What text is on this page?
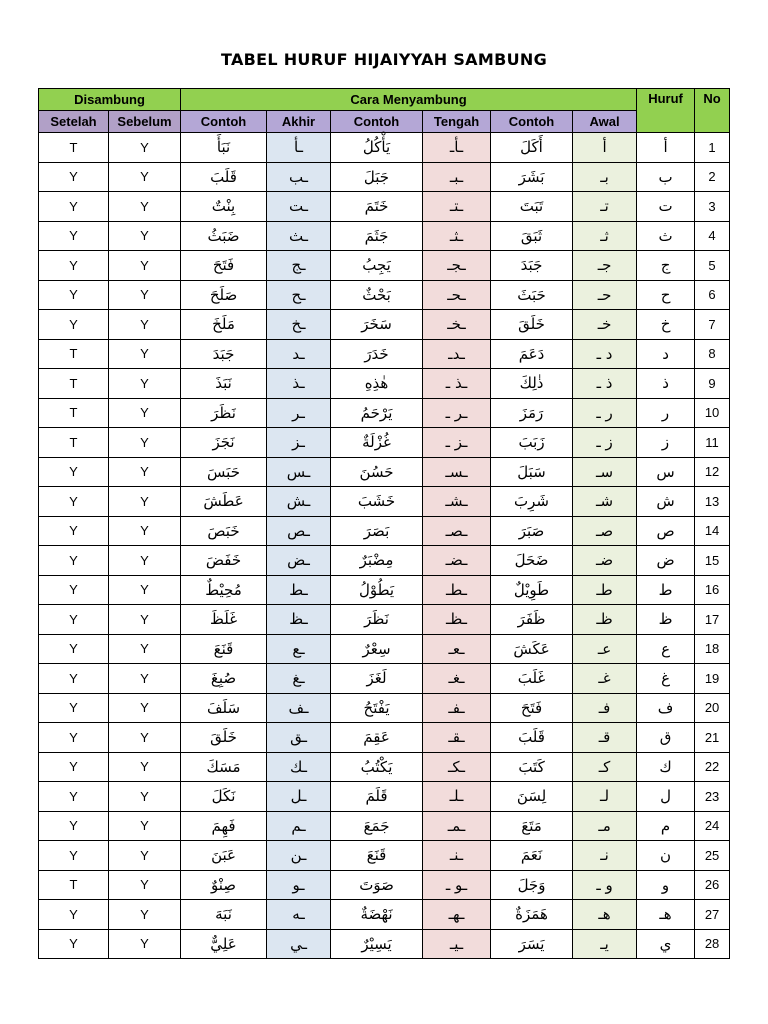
TABEL HURUF HIJAIYYAH SAMBUNG
Disambung		Cara Menyambung						Huruf	No
Setelah	Sebelum	Contoh	Akhir	Contoh	Tengah	Contoh	Awal		
T	Y	نَبَأَ	ـأ	يَأْكُلُ	ـأـ	أَكَلَ	أ	أ	1
Y	Y	قَلَبَ	ـب	جَبَلَ	ـبـ	بَشَرَ	بـ	ب	2
Y	Y	بِنْتٌ	ـت	خَتَمَ	ـتـ	تَبَتَ	تـ	ت	3
Y	Y	ضَبَثُ	ـث	جَثَمَ	ـثـ	ثَبَقَ	ثـ	ث	4
Y	Y	فَتَحَ	ـج	يَجِبُ	ـجـ	جَبَدَ	جـ	ج	5
Y	Y	صَلَحَ	ـح	بَحْثٌ	ـحـ	حَبَثَ	حـ	ح	6
Y	Y	مَلَخَ	ـخ	سَخَرَ	ـخـ	خَلَقَ	خـ	خ	7
T	Y	جَبَدَ	ـد	خَدَرَ	ـدـ	دَعَمَ	د ـ	د	8
T	Y	نَبَذَ	ـذ	هٰذِهِ	ـذ ـ	ذٰلِكَ	ذ ـ	ذ	9
T	Y	نَظَرَ	ـر	يَرْحَمُ	ـر ـ	رَمَزَ	ر ـ	ر	10
T	Y	نَجَزَ	ـز	غُزْلَةٌ	ـز ـ	زَبَبَ	ز ـ	ز	11
Y	Y	حَبَسَ	ـس	حَسُنَ	ـسـ	سَبَلَ	سـ	س	12
Y	Y	عَطَشَ	ـش	خَشَبَ	ـشـ	شَرِبَ	شـ	ش	13
Y	Y	خَبَصَ	ـص	بَصَرَ	ـصـ	صَبَرَ	صـ	ص	14
Y	Y	خَفَضَ	ـض	مِضْبَرٌ	ـضـ	ضَحَلَ	ضـ	ض	15
Y	Y	مُحِيْطٌ	ـط	يَطُوْلُ	ـطـ	طَوِيْلٌ	طـ	ط	16
Y	Y	غَلَظَ	ـظ	نَظَرَ	ـظـ	ظَفَرَ	ظـ	ظ	17
Y	Y	قَنَعَ	ـع	سِعْرٌ	ـعـ	عَكَشَ	عـ	ع	18
Y	Y	صُبِغَ	ـغ	لَغَزَ	ـغـ	غَلَبَ	غـ	غ	19
Y	Y	سَلَفَ	ـف	يَفْتَحُ	ـفـ	فَتَحَ	فـ	ف	20
Y	Y	خَلَقَ	ـق	عَقِمَ	ـقـ	قَلَبَ	قـ	ق	21
Y	Y	مَسَكَ	ـك	يَكْتُبُ	ـكـ	كَتَبَ	كـ	ك	22
Y	Y	نَكَلَ	ـل	قَلَمَ	ـلـ	لِسَنَ	لـ	ل	23
Y	Y	فَهِمَ	ـم	جَمَعَ	ـمـ	مَتَعَ	مـ	م	24
Y	Y	عَبَنَ	ـن	قَنَعَ	ـنـ	نَعَمَ	نـ	ن	25
T	Y	صِنْوٌ	ـو	صَوَتَ	ـو ـ	وَجَلَ	و ـ	و	26
Y	Y	نَبَهَ	ـه	نَهْضَةٌ	ـهـ	هَمَزَةٌ	هـ	هـ	27
Y	Y	عَلِيٌّ	ـي	يَسِيْرٌ	ـيـ	يَسَرَ	يـ	ي	28
